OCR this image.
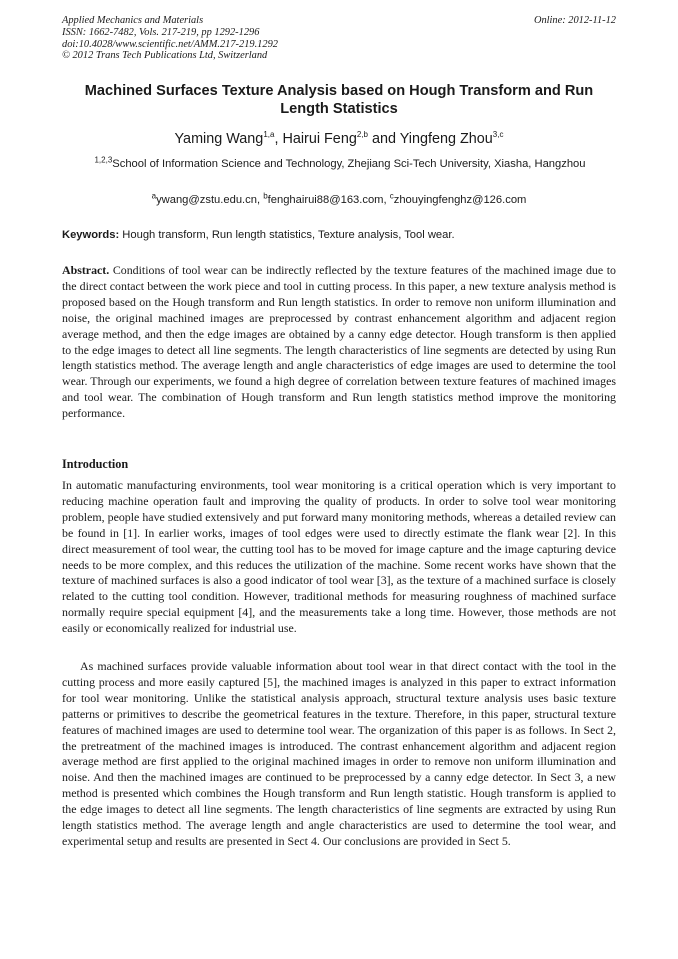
Applied Mechanics and Materials
ISSN: 1662-7482, Vols. 217-219, pp 1292-1296
doi:10.4028/www.scientific.net/AMM.217-219.1292
© 2012 Trans Tech Publications Ltd, Switzerland
Online: 2012-11-12
Machined Surfaces Texture Analysis based on Hough Transform and Run Length Statistics
Yaming Wang$^{1,a}$, Hairui Feng$^{2,b}$ and Yingfeng Zhou$^{3,c}$
$^{1,2,3}$School of Information Science and Technology, Zhejiang Sci-Tech University, Xiasha, Hangzhou
$^a$ywang@zstu.edu.cn, $^b$fenghairui88@163.com, $^c$zhouyingfenghz@126.com
Keywords: Hough transform, Run length statistics, Texture analysis, Tool wear.
Abstract. Conditions of tool wear can be indirectly reflected by the texture features of the machined image due to the direct contact between the work piece and tool in cutting process. In this paper, a new texture analysis method is proposed based on the Hough transform and Run length statistics. In order to remove non uniform illumination and noise, the original machined images are preprocessed by contrast enhancement algorithm and adjacent region average method, and then the edge images are obtained by a canny edge detector. Hough transform is then applied to the edge images to detect all line segments. The length characteristics of line segments are detected by using Run length statistics method. The average length and angle characteristics of edge images are used to determine the tool wear. Through our experiments, we found a high degree of correlation between texture features of machined images and tool wear. The combination of Hough transform and Run length statistics method improve the monitoring performance.
Introduction
In automatic manufacturing environments, tool wear monitoring is a critical operation which is very important to reducing machine operation fault and improving the quality of products. In order to solve tool wear monitoring problem, people have studied extensively and put forward many monitoring methods, whereas a detailed review can be found in [1]. In earlier works, images of tool edges were used to directly estimate the flank wear [2]. In this direct measurement of tool wear, the cutting tool has to be moved for image capture and the image capturing device needs to be more complex, and this reduces the utilization of the machine. Some recent works have shown that the texture of machined surfaces is also a good indicator of tool wear [3], as the texture of a machined surface is closely related to the cutting tool condition. However, traditional methods for measuring roughness of machined surface normally require special equipment [4], and the measurements take a long time. However, those methods are not easily or economically realized for industrial use.
As machined surfaces provide valuable information about tool wear in that direct contact with the tool in the cutting process and more easily captured [5], the machined images is analyzed in this paper to extract information for tool wear monitoring. Unlike the statistical analysis approach, structural texture analysis uses basic texture patterns or primitives to describe the geometrical features in the texture. Therefore, in this paper, structural texture features of machined images are used to determine tool wear. The organization of this paper is as follows. In Sect 2, the pretreatment of the machined images is introduced. The contrast enhancement algorithm and adjacent region average method are first applied to the original machined images in order to remove non uniform illumination and noise. And then the machined images are continued to be preprocessed by a canny edge detector. In Sect 3, a new method is presented which combines the Hough transform and Run length statistic. Hough transform is applied to the edge images to detect all line segments. The length characteristics of line segments are extracted by using Run length statistics method. The average length and angle characteristics are used to determine the tool wear, and experimental setup and results are presented in Sect 4. Our conclusions are provided in Sect 5.
